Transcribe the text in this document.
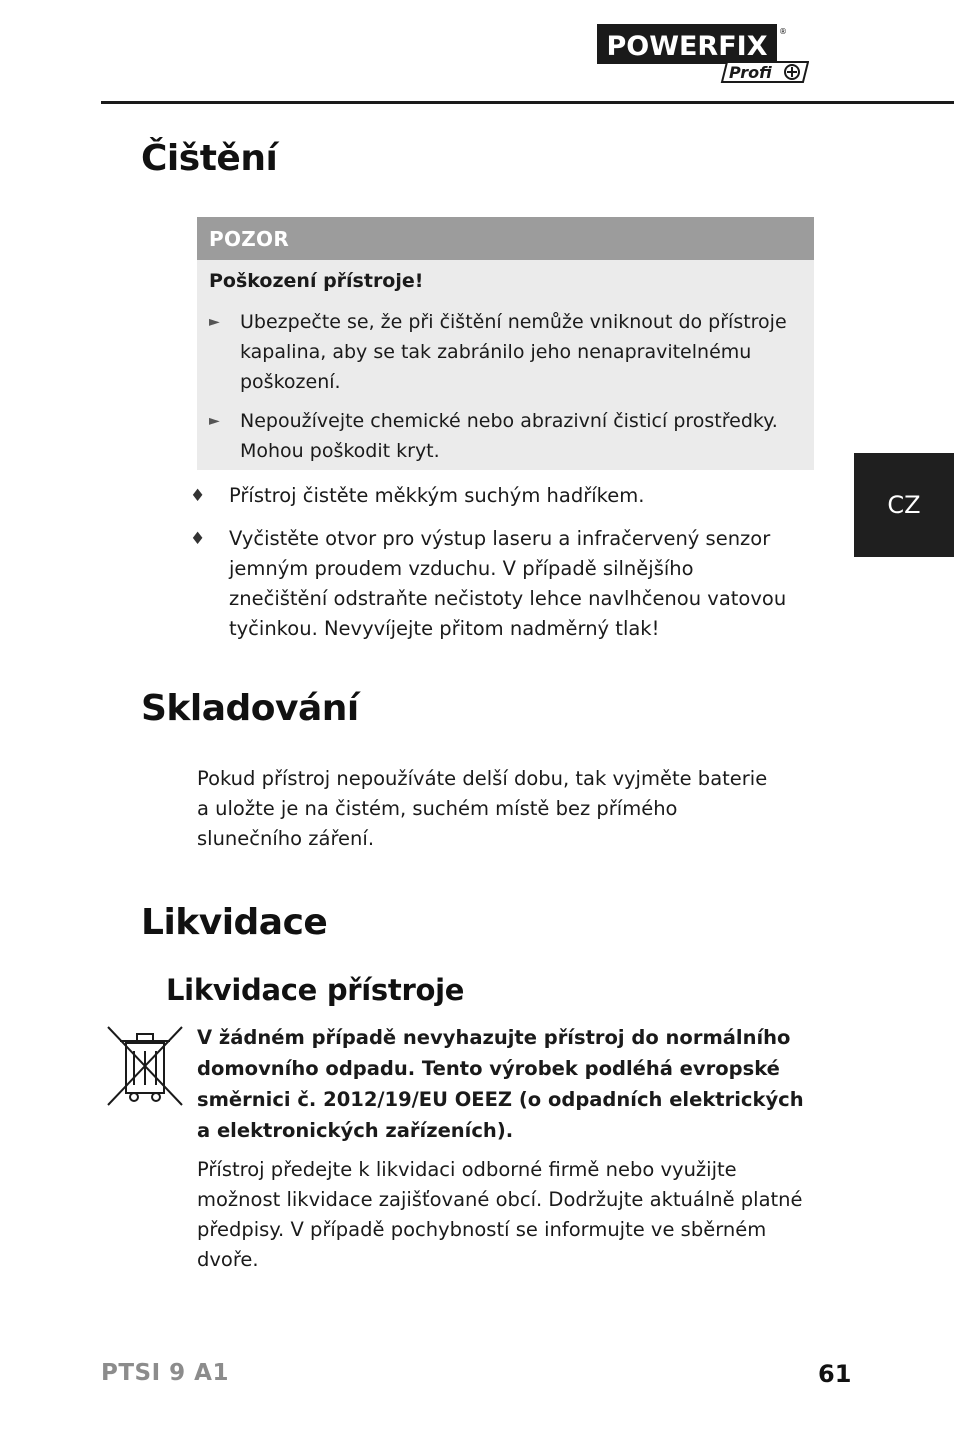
POWERFIX ®
Profi
CZ
Čištění
POZOR
Poškození přístroje!
► Ubezpečte se, že při čištění nemůže vniknout do přístroje kapalina, aby se tak zabránilo jeho nenapravitelnému poškození.
► Nepoužívejte chemické nebo abrazivní čisticí prostředky. Mohou poškodit kryt.
♦ Přístroj čistěte měkkým suchým hadříkem.
♦ Vyčistěte otvor pro výstup laseru a infračervený senzor jemným proudem vzduchu. V případě silnějšího znečištění odstraňte nečistoty lehce navlhčenou vatovou tyčinkou. Nevyvíjejte přitom nadměrný tlak!
Skladování
Pokud přístroj nepoužíváte delší dobu, tak vyjměte baterie a uložte je na čistém, suchém místě bez přímého slunečního záření.
Likvidace
Likvidace přístroje
V žádném případě nevyhazujte přístroj do normálního domovního odpadu. Tento výrobek podléhá evropské směrnici č. 2012/19/EU OEEZ (o odpadních elektrických a elektronických zařízeních).
Přístroj předejte k likvidaci odborné firmě nebo využijte možnost likvidace zajišťované obcí. Dodržujte aktuálně platné předpisy. V případě pochybností se informujte ve sběrném dvoře.
PTSI 9 A1	61
